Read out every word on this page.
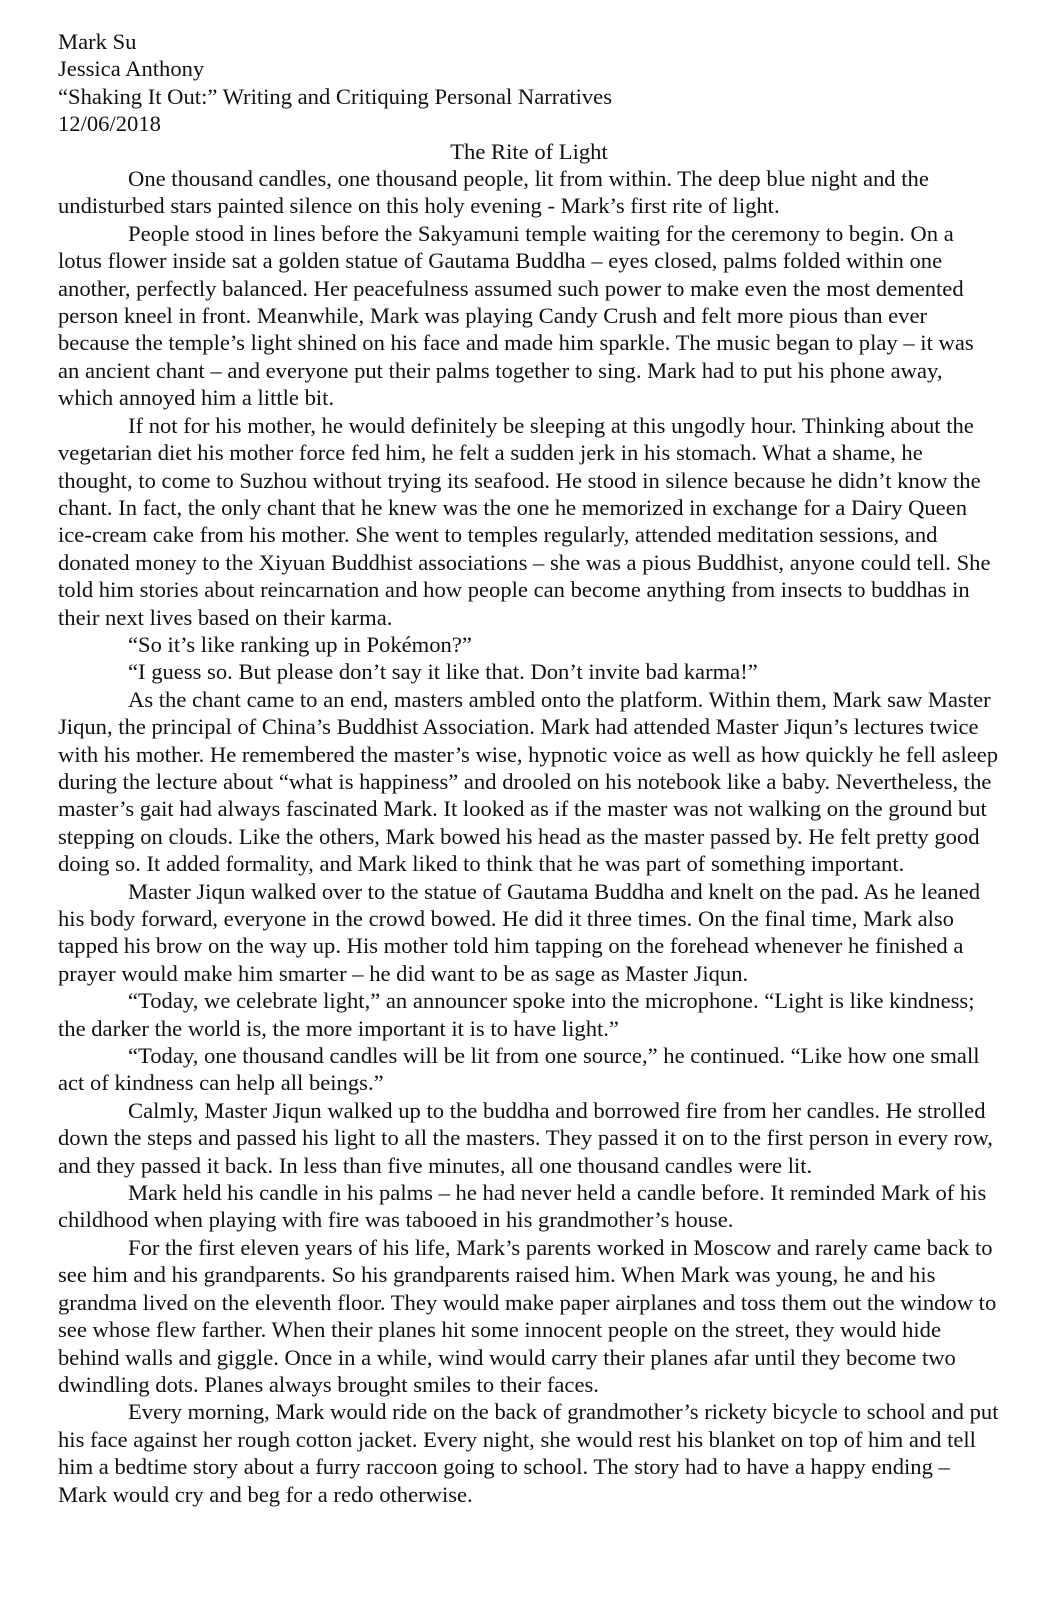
Mark Su

Jessica Anthony

“Shaking It Out:” Writing and Critiquing Personal Narratives

12/06/2018

The Rite of Light

One thousand candles, one thousand people, lit from within. The deep blue night and the undisturbed stars painted silence on this holy evening - Mark’s first rite of light.

People stood in lines before the Sakyamuni temple waiting for the ceremony to begin. On a lotus flower inside sat a golden statue of Gautama Buddha – eyes closed, palms folded within one another, perfectly balanced. Her peacefulness assumed such power to make even the most demented person kneel in front. Meanwhile, Mark was playing Candy Crush and felt more pious than ever because the temple’s light shined on his face and made him sparkle. The music began to play – it was an ancient chant – and everyone put their palms together to sing. Mark had to put his phone away, which annoyed him a little bit.

If not for his mother, he would definitely be sleeping at this ungodly hour. Thinking about the vegetarian diet his mother force fed him, he felt a sudden jerk in his stomach. What a shame, he thought, to come to Suzhou without trying its seafood. He stood in silence because he didn’t know the chant. In fact, the only chant that he knew was the one he memorized in exchange for a Dairy Queen ice-cream cake from his mother. She went to temples regularly, attended meditation sessions, and donated money to the Xiyuan Buddhist associations – she was a pious Buddhist, anyone could tell. She told him stories about reincarnation and how people can become anything from insects to buddhas in their next lives based on their karma.

“So it’s like ranking up in Pokémon?”

“I guess so. But please don’t say it like that. Don’t invite bad karma!”

As the chant came to an end, masters ambled onto the platform. Within them, Mark saw Master Jiqun, the principal of China’s Buddhist Association. Mark had attended Master Jiqun’s lectures twice with his mother. He remembered the master’s wise, hypnotic voice as well as how quickly he fell asleep during the lecture about “what is happiness” and drooled on his notebook like a baby. Nevertheless, the master’s gait had always fascinated Mark. It looked as if the master was not walking on the ground but stepping on clouds. Like the others, Mark bowed his head as the master passed by. He felt pretty good doing so. It added formality, and Mark liked to think that he was part of something important.

Master Jiqun walked over to the statue of Gautama Buddha and knelt on the pad. As he leaned his body forward, everyone in the crowd bowed. He did it three times. On the final time, Mark also tapped his brow on the way up. His mother told him tapping on the forehead whenever he finished a prayer would make him smarter – he did want to be as sage as Master Jiqun.

“Today, we celebrate light,” an announcer spoke into the microphone. “Light is like kindness; the darker the world is, the more important it is to have light.”

“Today, one thousand candles will be lit from one source,” he continued. “Like how one small act of kindness can help all beings.”

Calmly, Master Jiqun walked up to the buddha and borrowed fire from her candles. He strolled down the steps and passed his light to all the masters. They passed it on to the first person in every row, and they passed it back. In less than five minutes, all one thousand candles were lit.

Mark held his candle in his palms – he had never held a candle before. It reminded Mark of his childhood when playing with fire was tabooed in his grandmother’s house.

For the first eleven years of his life, Mark’s parents worked in Moscow and rarely came back to see him and his grandparents. So his grandparents raised him. When Mark was young, he and his grandma lived on the eleventh floor. They would make paper airplanes and toss them out the window to see whose flew farther. When their planes hit some innocent people on the street, they would hide behind walls and giggle. Once in a while, wind would carry their planes afar until they become two dwindling dots. Planes always brought smiles to their faces.

Every morning, Mark would ride on the back of grandmother’s rickety bicycle to school and put his face against her rough cotton jacket. Every night, she would rest his blanket on top of him and tell him a bedtime story about a furry raccoon going to school. The story had to have a happy ending – Mark would cry and beg for a redo otherwise.
